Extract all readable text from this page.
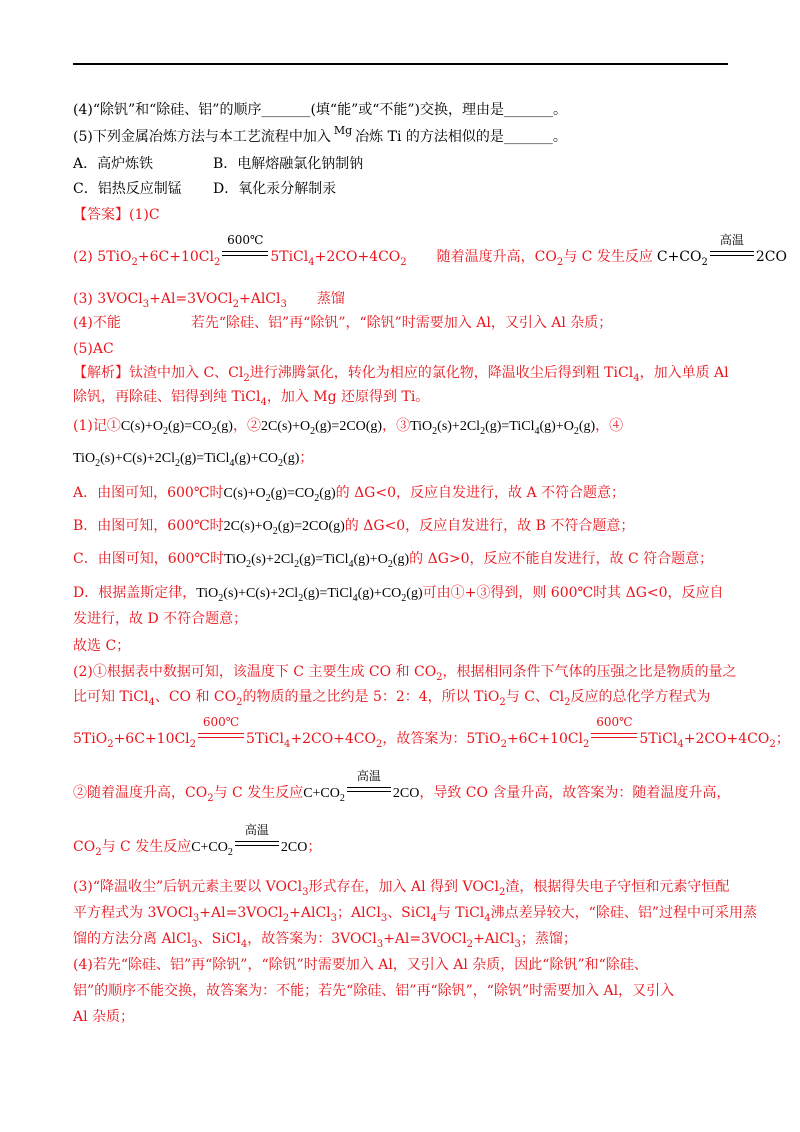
(4)“除钒”和“除硅、铝”的顺序_______(填“能”或“不能”)交换，理由是_______。
(5)下列金属冶炼方法与本工艺流程中加入 $^{Mg}$ 冶炼 Ti 的方法相似的是_______。
A．高炉炼铁	B．电解熔融氯化钠制钠
C．铝热反应制锰 D．氧化汞分解制汞
【答案】(1)C
(2) $5TiO_2+6C+10Cl_2$
600℃
$5TiCl_4+2CO+4CO_2$ 随着温度升高，$CO_2$与 C 发生反应 $C+CO_2$
高温
2CO
(3) 3VOCl$_3$+Al=3VOCl$_2$+AlCl$_3$ 蒸馏
(4)不能	若先“除硅、铝”再“除钒”，“除钒”时需要加入 Al，又引入 Al 杂质；
(5)AC
【解析】钛渣中加入 C、$Cl_2$进行沸腾氯化，转化为相应的氯化物，降温收尘后得到粗 TiCl$_4$，加入单质 Al
除钒，再除硅、铝得到纯 TiCl$_4$，加入 Mg 还原得到 Ti。
(1)记$①C(s)+O_2(g)=CO_2(g)$，$②2C(s)+O_2(g)=2CO(g)$，$③TiO_2(s)+2Cl_2(g)=TiCl_4(g)+O_2(g)$，④
$TiO_2(s)+C(s)+2Cl_2(g)=TiCl_4(g)+CO_2(g)$；
A．由图可知，600℃时$C(s)+O_2(g)=CO_2(g)$的 ΔG<0，反应自发进行，故 A 不符合题意；
B．由图可知，600℃时$2C(s)+O_2(g)=2CO(g)$的 ΔG<0，反应自发进行，故 B 不符合题意；
C．由图可知，600℃时$TiO_2(s)+2Cl_2(g)=TiCl_4(g)+O_2(g)$的 ΔG>0，反应不能自发进行，故 C 符合题意；
D．根据盖斯定律，$TiO_2(s)+C(s)+2Cl_2(g)=TiCl_4(g)+CO_2(g)$可由①+③得到，则 600℃时其 ΔG<0，反应自
发进行，故 D 不符合题意；
故选 C；
(2)①根据表中数据可知，该温度下 C 主要生成 CO 和 $CO_2$，根据相同条件下气体的压强之比是物质的量之
比可知 TiCl$_4$、CO 和 $CO_2$的物质的量之比约是 5：2：4，所以 TiO$_2$与 C、$Cl_2$反应的总化学方程式为
$5TiO_2+6C+10Cl_2$
600℃
$5TiCl_4+2CO+4CO_2$，故答案为：$5TiO_2+6C+10Cl_2$
600℃
$5TiCl_4+2CO+4CO_2$；
②随着温度升高，$CO_2$与 C 发生反应$C+CO_2$
高温
2CO，导致 CO 含量升高，故答案为：随着温度升高，
$CO_2$与 C 发生反应$C+CO_2$
高温
2CO；
(3)“降温收尘”后钒元素主要以 VOCl$_3$形式存在，加入 Al 得到 VOCl$_2$渣，根据得失电子守恒和元素守恒配
平方程式为 3VOCl$_3$+Al=3VOCl$_2$+AlCl$_3$；AlCl$_3$、SiCl$_4$与 TiCl$_4$沸点差异较大，“除硅、铝”过程中可采用蒸
馏的方法分离 AlCl$_3$、SiCl$_4$，故答案为：3VOCl$_3$+Al=3VOCl$_2$+AlCl$_3$；蒸馏；
(4)若先“除硅、铝”再“除钒”，“除钒”时需要加入 Al，又引入 Al 杂质，因此“除钒”和“除硅、
铝”的顺序不能交换，故答案为：不能；若先“除硅、铝”再“除钒”，“除钒”时需要加入 Al，又引入
Al 杂质；
